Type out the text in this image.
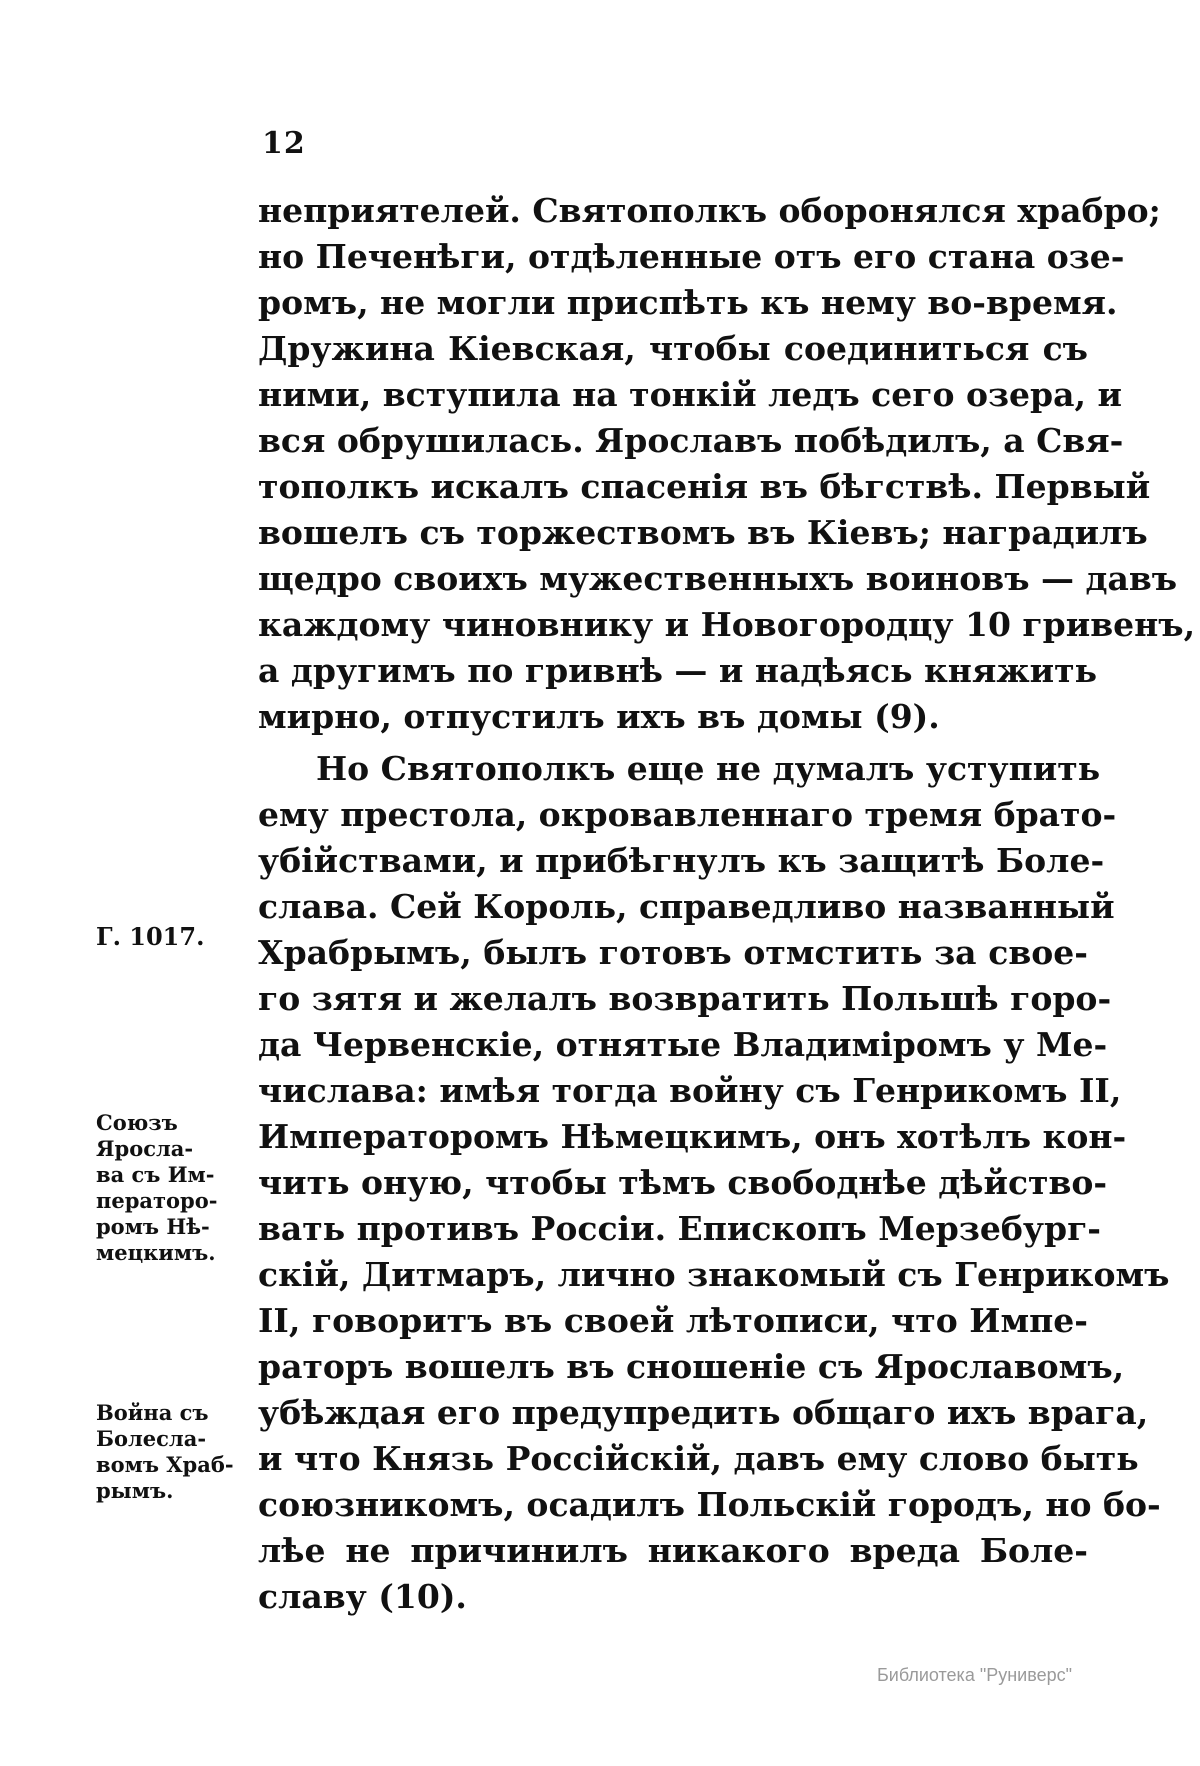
12
неприятелей. Святополкъ оборонялся храбро;
но Печенѣги, отдѣленные отъ его стана озе-
ромъ, не могли приспѣть къ нему во-время.
Дружина Кіевская, чтобы соединиться съ
ними, вступила на тонкій ледъ сего озера, и
вся обрушилась. Ярославъ побѣдилъ, а Свя-
тополкъ искалъ спасенія въ бѣгствѣ. Первый
вошелъ съ торжествомъ въ Кіевъ; наградилъ
щедро своихъ мужественныхъ воиновъ — давъ
каждому чиновнику и Новогородцу 10 гривенъ,
а другимъ по гривнѣ — и надѣясь княжить
мирно, отпустилъ ихъ въ домы (9).
Но Святополкъ еще не думалъ уступить
ему престола, окровавленнаго тремя брато-
убійствами, и прибѣгнулъ къ защитѣ Боле-
слава. Сей Король, справедливо названный
Храбрымъ, былъ готовъ отмстить за свое-
го зятя и желалъ возвратить Польшѣ горо-
да Червенскіе, отнятые Владиміромъ у Ме-
числава: имѣя тогда войну съ Генрикомъ II,
Императоромъ Нѣмецкимъ, онъ хотѣлъ кон-
чить оную, чтобы тѣмъ свободнѣе дѣйство-
вать противъ Россіи. Епископъ Мерзебург-
скій, Дитмаръ, лично знакомый съ Генрикомъ
II, говоритъ въ своей лѣтописи, что Импе-
раторъ вошелъ въ сношеніе съ Ярославомъ,
убѣждая его предупредить общаго ихъ врага,
и что Князь Россійскій, давъ ему слово быть
союзникомъ, осадилъ Польскій городъ, но бо-
лѣе не причинилъ никакого вреда Боле-
славу (10).
Г. 1017.
Союзъ
Яросла-
ва съ Им-
ператоро-
ромъ Нѣ-
мецкимъ.
Война съ
Болесла-
вомъ Храб-
рымъ.
Библиотека "Руниверс"
